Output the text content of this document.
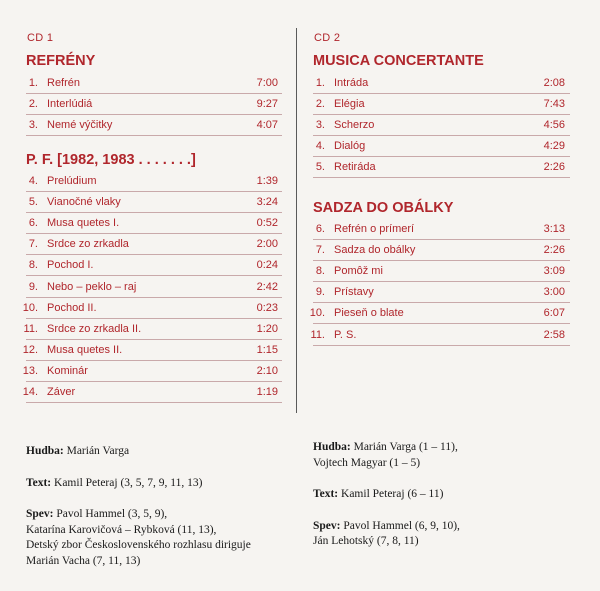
CD 1
REFRÉNY
1. Refrén	7:00
2. Interlúdiá	9:27
3. Nemé výčitky	4:07
P. F. [1982, 1983 . . . . . . .]
4. Prelúdium	1:39
5. Vianočné vlaky	3:24
6. Musa quetes I.	0:52
7. Srdce zo zrkadla	2:00
8. Pochod I.	0:24
9. Nebo – peklo – raj	2:42
10. Pochod II.	0:23
11. Srdce zo zrkadla II.	1:20
12. Musa quetes II.	1:15
13. Kominár	2:10
14. Záver	1:19
Hudba: Marián Varga
Text: Kamil Peteraj (3, 5, 7, 9, 11, 13)
Spev: Pavol Hammel (3, 5, 9),
Katarína Karovičová – Rybková (11, 13),
Detský zbor Československého rozhlasu diriguje
Marián Vacha (7, 11, 13)
CD 2
MUSICA CONCERTANTE
1. Intráda	2:08
2. Elégia	7:43
3. Scherzo	4:56
4. Dialóg	4:29
5. Retiráda	2:26
SADZA DO OBÁLKY
6. Refrén o prímerí	3:13
7. Sadza do obálky	2:26
8. Pomôž mi	3:09
9. Prístavy	3:00
10. Pieseň o blate	6:07
11. P. S.	2:58
Hudba: Marián Varga (1 – 11),
Vojtech Magyar (1 – 5)
Text: Kamil Peteraj (6 – 11)
Spev: Pavol Hammel (6, 9, 10),
Ján Lehotský (7, 8, 11)
